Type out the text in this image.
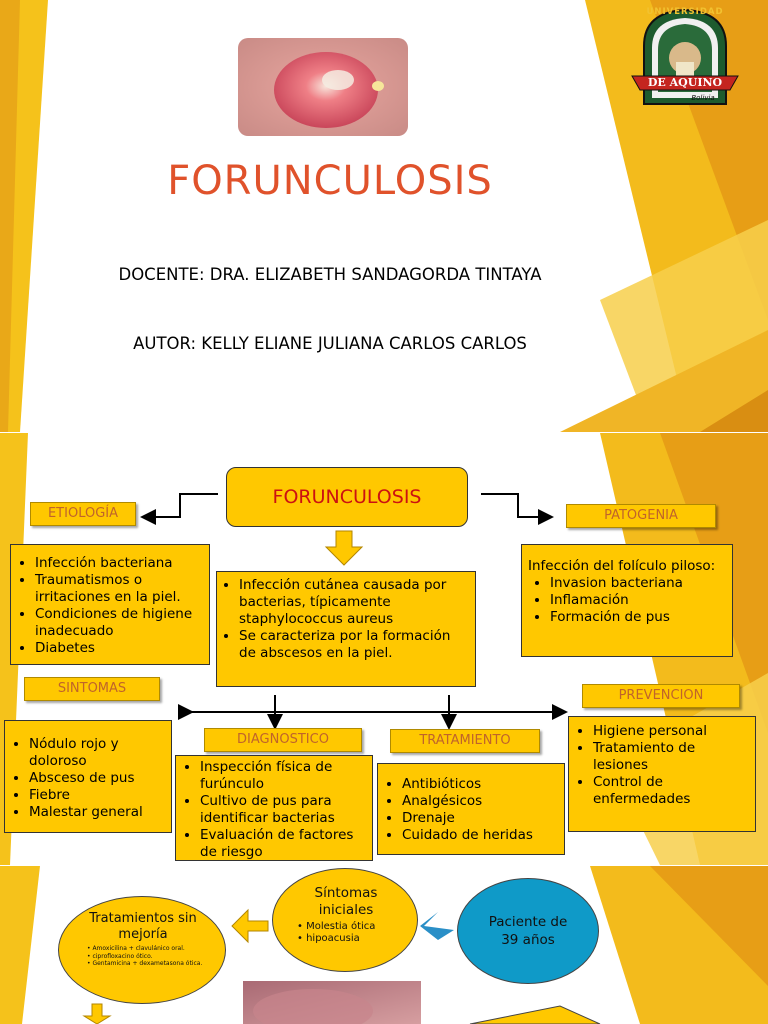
UNIVERSIDAD
DE AQUINO
Bolivia
FORUNCULOSIS
DOCENTE: DRA. ELIZABETH SANDAGORDA TINTAYA
AUTOR: KELLY ELIANE JULIANA CARLOS CARLOS
FORUNCULOSIS
ETIOLOGÍA	PATOGENIA
• Infección bacteriana
• Traumatismos o irritaciones en la piel.
• Condiciones de higiene inadecuado
• Diabetes
• Infección cutánea causada por bacterias, típicamente staphylococcus aureus
• Se caracteriza por la formación de abscesos en la piel.
Infección del folículo piloso:
• Invasion bacteriana
• Inflamación
• Formación de pus
SINTOMAS	PREVENCION
DIAGNOSTICO	TRATAMIENTO
• Nódulo rojo y doloroso
• Absceso de pus
• Fiebre
• Malestar general
• Inspección física de furúnculo
• Cultivo de pus para identificar bacterias
• Evaluación de factores de riesgo
• Antibióticos
• Analgésicos
• Drenaje
• Cuidado de heridas
• Higiene personal
• Tratamiento de lesiones
• Control de enfermedades
Paciente de 39 años
Síntomas iniciales
• Molestia ótica
• hipoacusia
Tratamientos sin mejoría
• Amoxicilina + clavulánico oral.
• ciprofloxacino ótico.
• Gentamicina + dexametasona ótica.
